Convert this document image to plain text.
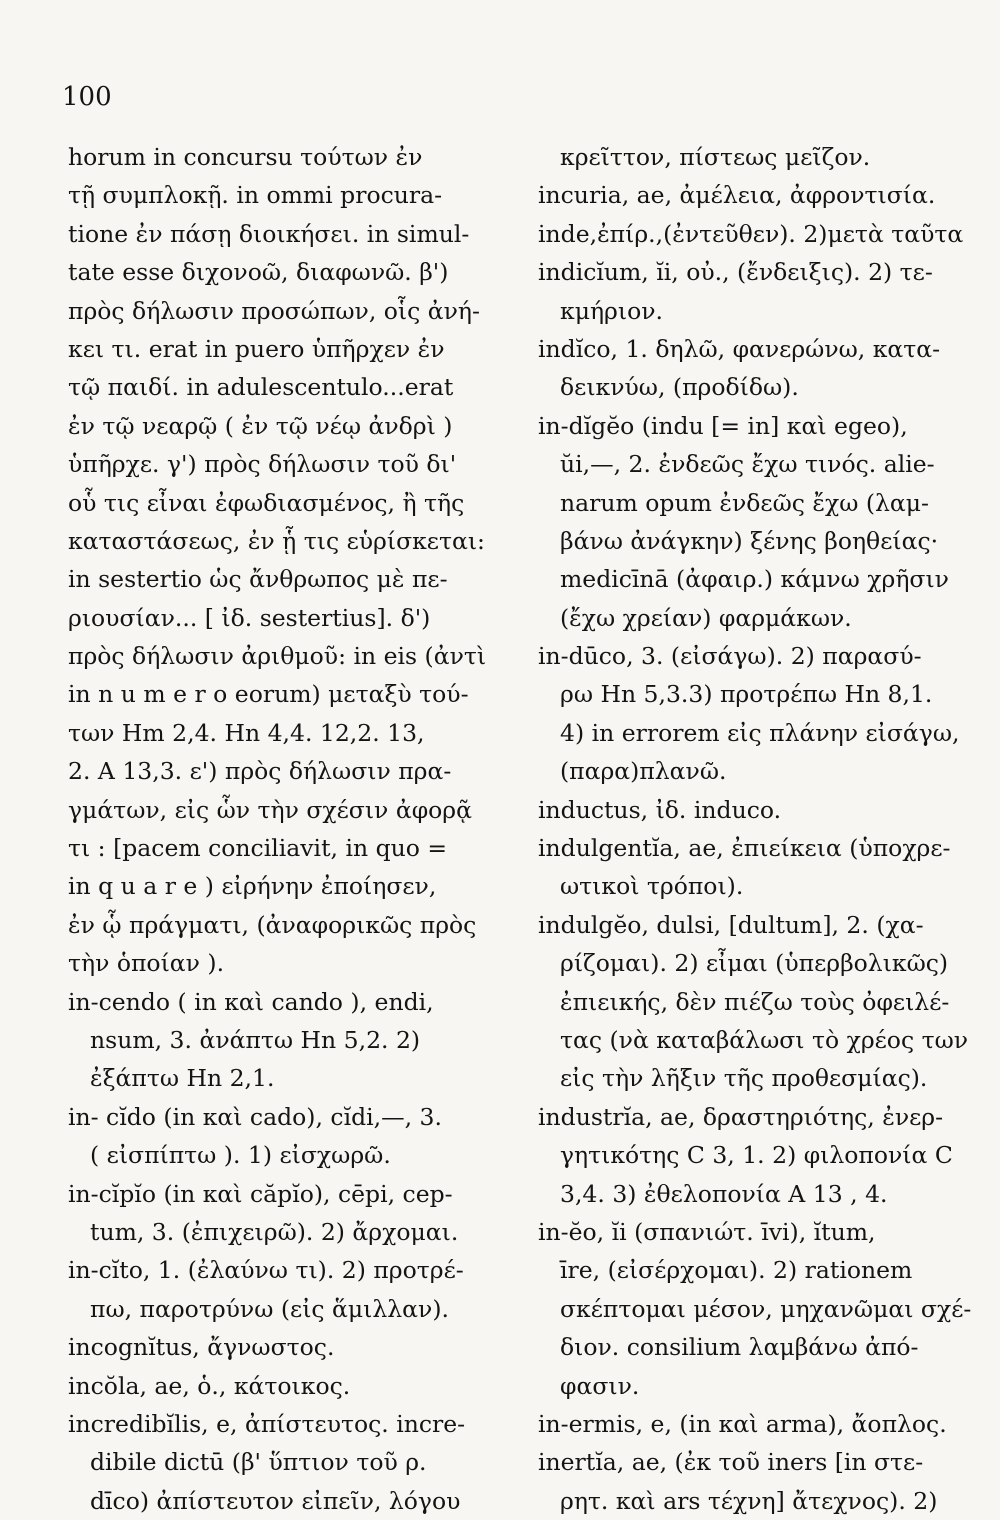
100
horum in concursu τούτων ἐν
τῇ συμπλοκῇ. in ommi procura-
tione ἐν πάσῃ διοικήσει. in simul-
tate esse διχονοῶ, διαφωνῶ. β')
πρὸς δήλωσιν προσώπων, οἷς ἀνή-
κει τι. erat in puero ὑπῆρχεν ἐν
τῷ παιδί. in adulescentulo...erat
ἐν τῷ νεαρῷ ( ἐν τῷ νέῳ ἀνδρὶ )
ὑπῆρχε. γ') πρὸς δήλωσιν τοῦ δι'
οὗ τις εἶναι ἐφωδιασμένος, ἢ τῆς
καταστάσεως, ἐν ᾗ τις εὑρίσκεται:
in sestertio ὡς ἄνθρωπος μὲ πε-
ριουσίαν... [ ἰδ. sestertius]. δ')
πρὸς δήλωσιν ἀριθμοῦ: in eis (ἀντὶ
in n u m e r o eorum) μεταξὺ τού-
των Hm 2,4. Hn 4,4. 12,2. 13,
2. A 13,3. ε') πρὸς δήλωσιν πρα-
γμάτων, εἰς ὧν τὴν σχέσιν ἀφορᾷ
τι : [pacem conciliavit, in quo =
in q u a r e ) εἰρήνην ἐποίησεν,
ἐν ᾧ πράγματι, (ἀναφορικῶς πρὸς
τὴν ὁποίαν ).
in-cendo ( in καὶ cando ), endi,
nsum, 3. ἀνάπτω Hn 5,2. 2)
ἐξάπτω Hn 2,1.
in- cĭdo (in καὶ cado), cĭdi,—, 3.
( εἰσπίπτω ). 1) εἰσχωρῶ.
in-cĭpĭo (in καὶ căpĭo), cēpi, cep-
tum, 3. (ἐπιχειρῶ). 2) ἄρχομαι.
in-cĭto, 1. (ἐλαύνω τι). 2) προτρέ-
πω, παροτρύνω (εἰς ἅμιλλαν).
incognĭtus, ἄγνωστος.
incŏla, ae, ὁ., κάτοικος.
incredibĭlis, e, ἀπίστευτος. incre-
dibile dictū (β' ὕπτιον τοῦ ρ.
dīco) ἀπίστευτον εἰπεῖν, λόγου
κρεῖττον, πίστεως μεῖζον.
incuria, ae, ἀμέλεια, ἀφροντισία.
inde,ἐπίρ.,(ἐντεῦθεν). 2)μετὰ ταῦτα
indicĭum, ĭi, οὐ., (ἔνδειξις). 2) τε-
κμήριον.
indĭco, 1. δηλῶ, φανερώνω, κατα-
δεικνύω, (προδίδω).
in-dĭgĕo (indu [= in] καὶ egeo),
ŭi,—, 2. ἐνδεῶς ἔχω τινός. alie-
narum opum ἐνδεῶς ἔχω (λαμ-
βάνω ἀνάγκην) ξένης βοηθείας·
medicīnā (ἀφαιρ.) κάμνω χρῆσιν
(ἔχω χρείαν) φαρμάκων.
in-dūco, 3. (εἰσάγω). 2) παρασύ-
ρω Hn 5,3.3) προτρέπω Hn 8,1.
4) in errorem εἰς πλάνην εἰσάγω,
(παρα)πλανῶ.
inductus, ἰδ. induco.
indulgentĭa, ae, ἐπιείκεια (ὑποχρε-
ωτικοὶ τρόποι).
indulgĕo, dulsi, [dultum], 2. (χα-
ρίζομαι). 2) εἶμαι (ὑπερβολικῶς)
ἐπιεικής, δὲν πιέζω τοὺς ὀφειλέ-
τας (νὰ καταβάλωσι τὸ χρέος των
εἰς τὴν λῆξιν τῆς προθεσμίας).
industrĭa, ae, δραστηριότης, ἐνερ-
γητικότης C 3, 1. 2) φιλοπονία C
3,4. 3) ἐθελοπονία A 13 , 4.
in-ĕo, ĭi (σπανιώτ. īvi), ĭtum,
īre, (εἰσέρχομαι). 2) rationem
σκέπτομαι μέσον, μηχανῶμαι σχέ-
διον. consilium λαμβάνω ἀπό-
φασιν.
in-ermis, e, (in καὶ arma), ἄοπλος.
inertĭa, ae, (ἐκ τοῦ iners [in στε-
ρητ. καὶ ars τέχνη] ἄτεχνος). 2)
